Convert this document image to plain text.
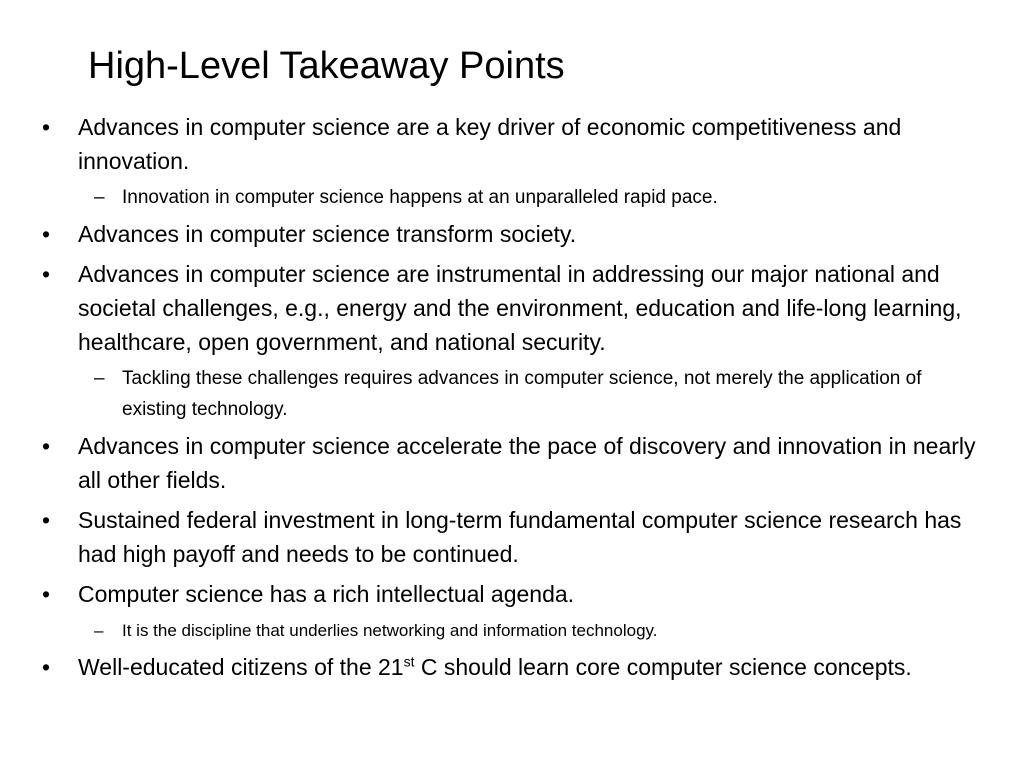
High-Level Takeaway Points
• Advances in computer science are a key driver of economic competitiveness and innovation.
– Innovation in computer science happens at an unparalleled rapid pace.
• Advances in computer science transform society.
• Advances in computer science are instrumental in addressing our major national and societal challenges, e.g., energy and the environment, education and life-long learning, healthcare, open government, and national security.
– Tackling these challenges requires advances in computer science, not merely the application of existing technology.
• Advances in computer science accelerate the pace of discovery and innovation in nearly all other fields.
• Sustained federal investment in long-term fundamental computer science research has had high payoff and needs to be continued.
• Computer science has a rich intellectual agenda.
– It is the discipline that underlies networking and information technology.
• Well-educated citizens of the 21st C should learn core computer science concepts.
